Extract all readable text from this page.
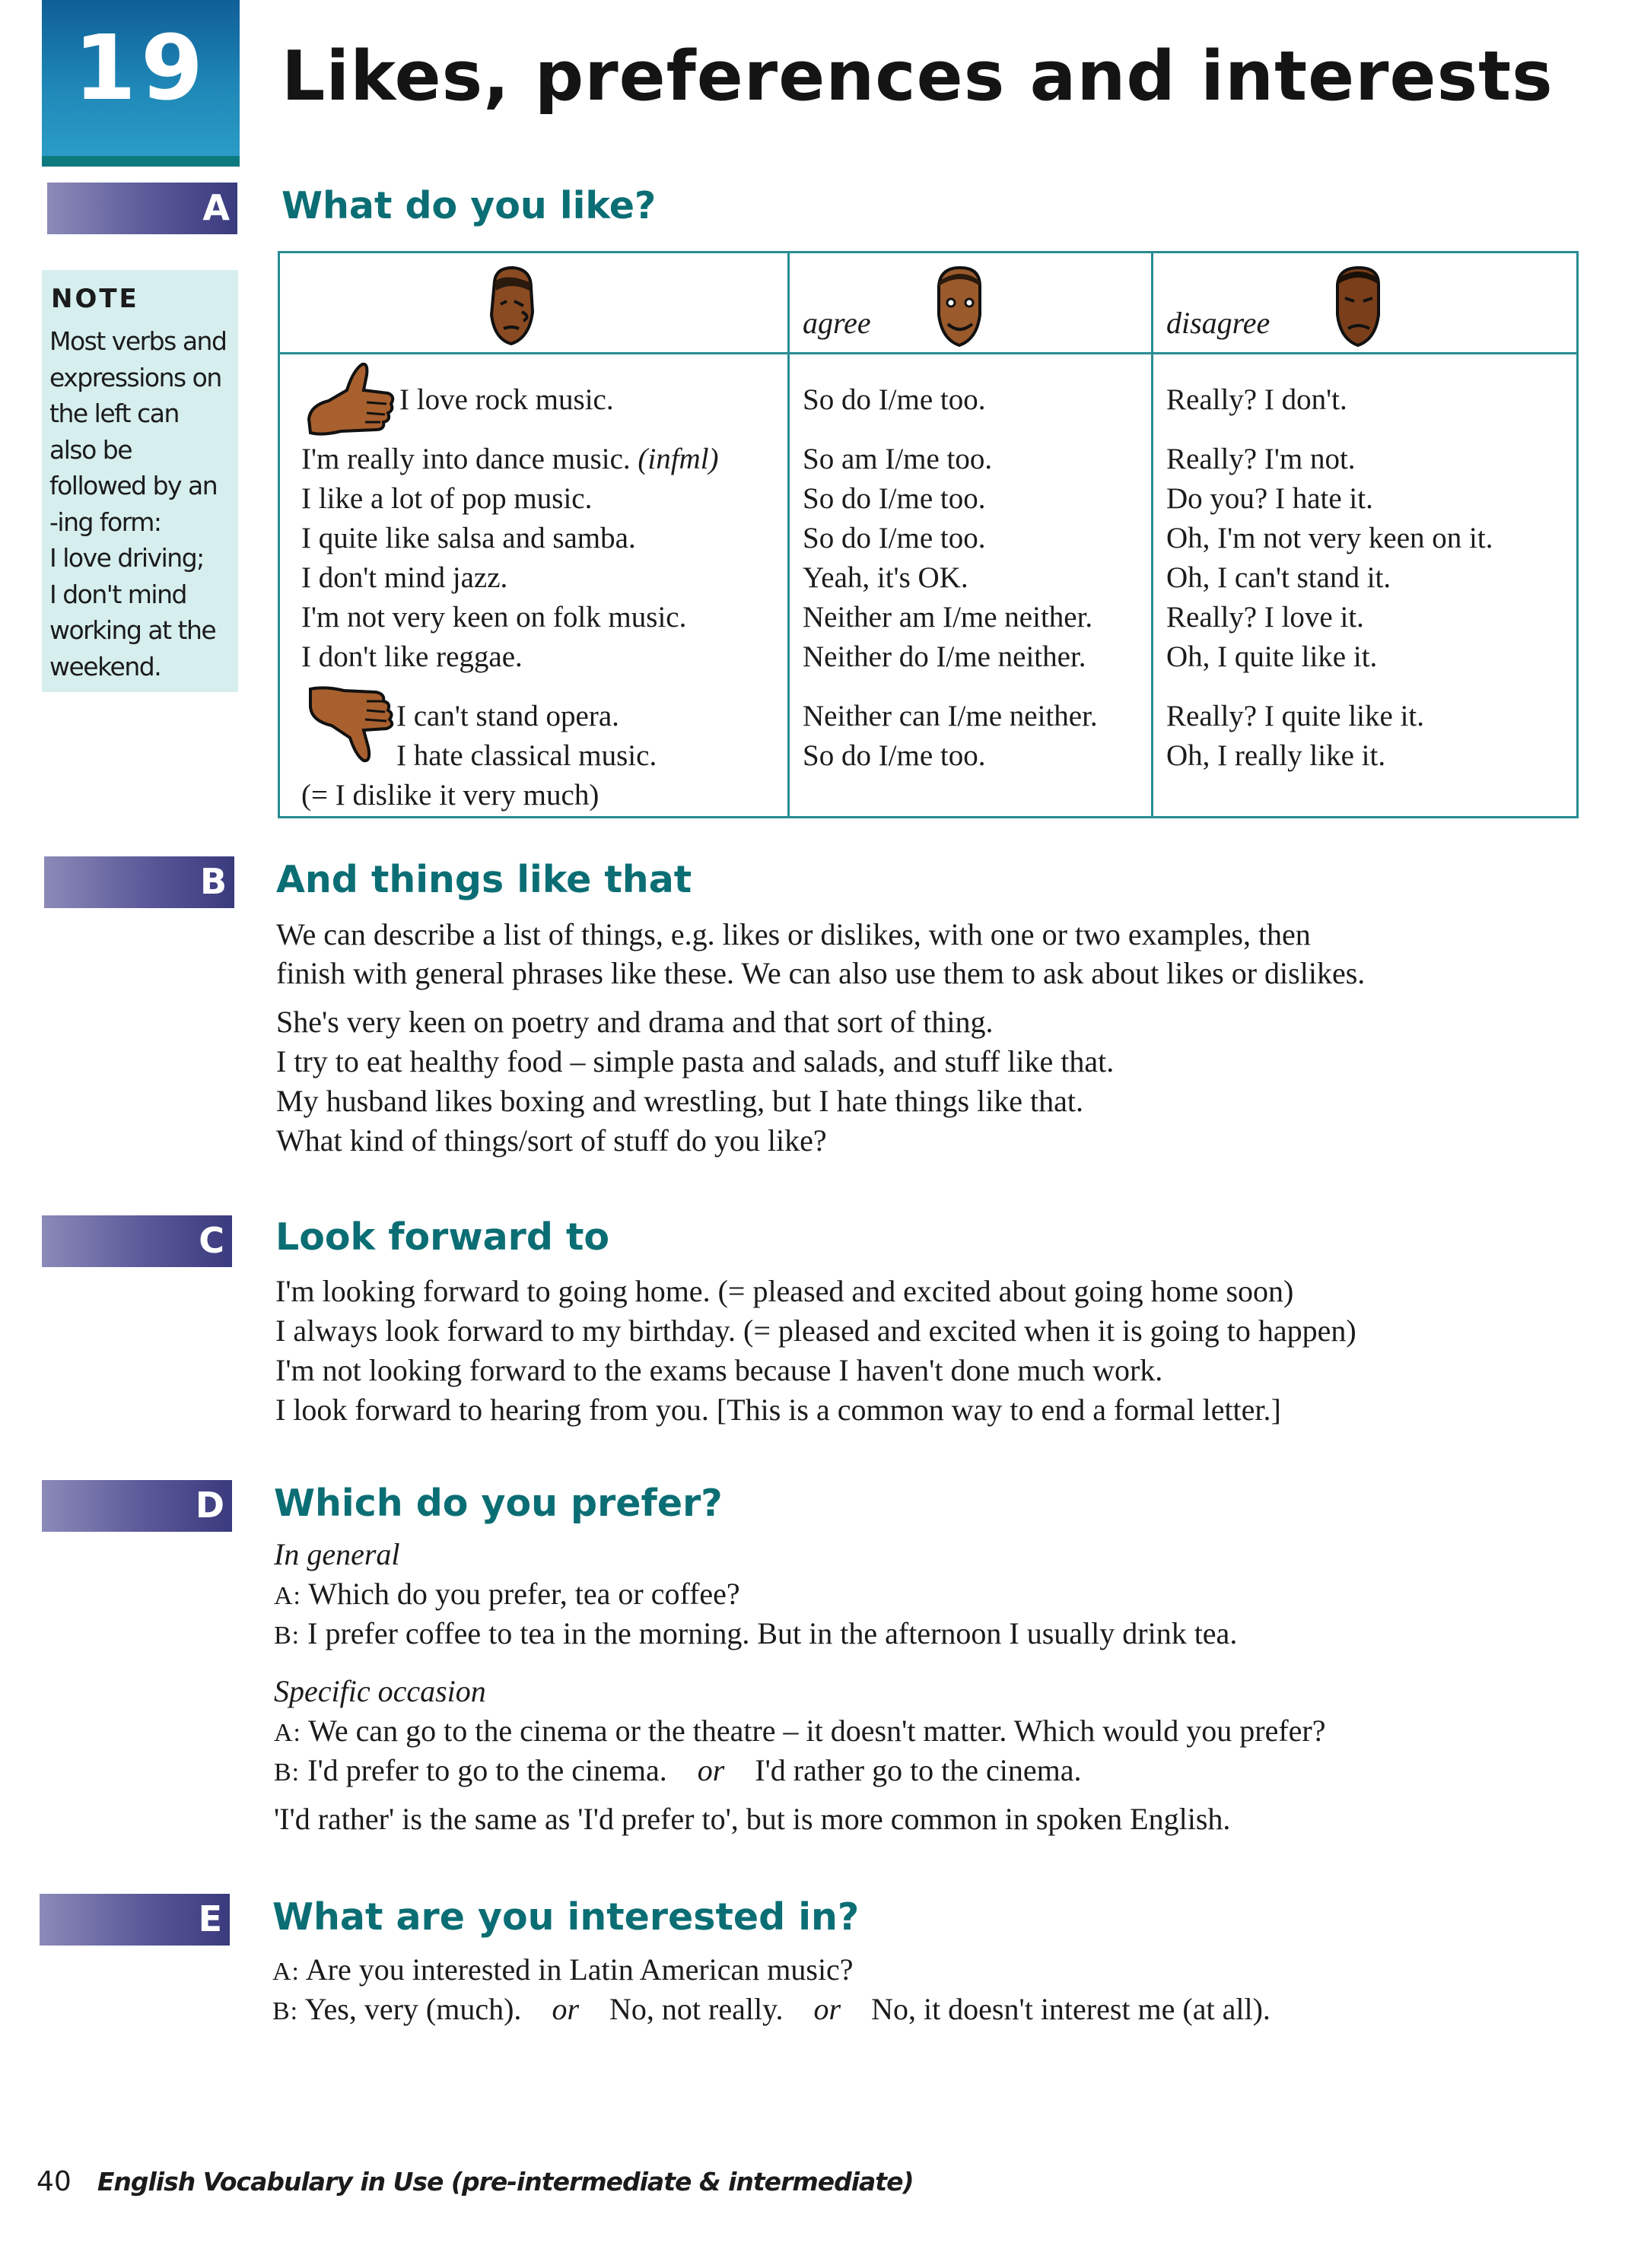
19	Likes, preferences and interests
A What do you like?
NOTE
Most verbs and
expressions on
the left can
also be
followed by an
-ing form:
I love driving;
I don't mind
working at the
weekend.
agree	disagree
I love rock music.
I'm really into dance music. (infml)
I like a lot of pop music.
I quite like salsa and samba.
I don't mind jazz.
I'm not very keen on folk music.
I don't like reggae.
I can't stand opera.
I hate classical music.
(= I dislike it very much)
So do I/me too.
So am I/me too.
So do I/me too.
So do I/me too.
Yeah, it's OK.
Neither am I/me neither.
Neither do I/me neither.
Neither can I/me neither.
So do I/me too.
Really? I don't.
Really? I'm not.
Do you? I hate it.
Oh, I'm not very keen on it.
Oh, I can't stand it.
Really? I love it.
Oh, I quite like it.
Really? I quite like it.
Oh, I really like it.
B And things like that
We can describe a list of things, e.g. likes or dislikes, with one or two examples, then
finish with general phrases like these. We can also use them to ask about likes or dislikes.
She's very keen on poetry and drama and that sort of thing.
I try to eat healthy food – simple pasta and salads, and stuff like that.
My husband likes boxing and wrestling, but I hate things like that.
What kind of things/sort of stuff do you like?
C Look forward to
I'm looking forward to going home. (= pleased and excited about going home soon)
I always look forward to my birthday. (= pleased and excited when it is going to happen)
I'm not looking forward to the exams because I haven't done much work.
I look forward to hearing from you. [This is a common way to end a formal letter.]
D Which do you prefer?
In general
A: Which do you prefer, tea or coffee?
B: I prefer coffee to tea in the morning. But in the afternoon I usually drink tea.
Specific occasion
A: We can go to the cinema or the theatre – it doesn't matter. Which would you prefer?
B: I'd prefer to go to the cinema. or I'd rather go to the cinema.
'I'd rather' is the same as 'I'd prefer to', but is more common in spoken English.
E What are you interested in?
A: Are you interested in Latin American music?
B: Yes, very (much). or No, not really. or No, it doesn't interest me (at all).
40 English Vocabulary in Use (pre-intermediate & intermediate)
